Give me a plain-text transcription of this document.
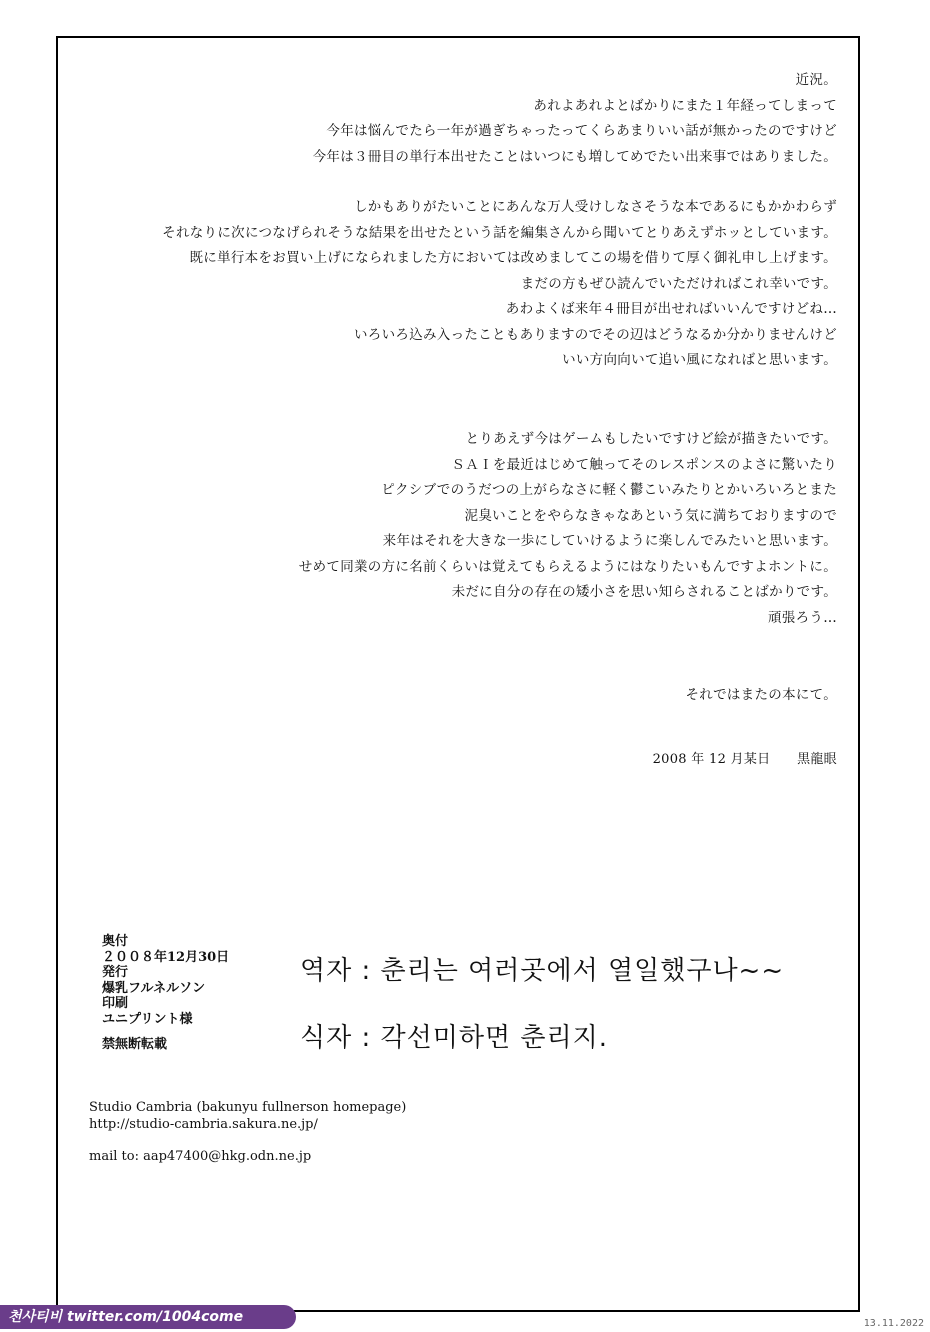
近況。
あれよあれよとばかりにまた１年経ってしまって
今年は悩んでたら一年が過ぎちゃったってくらあまりいい話が無かったのですけど
今年は３冊目の単行本出せたことはいつにも増してめでたい出来事ではありました。
しかもありがたいことにあんな万人受けしなさそうな本であるにもかかわらず
それなりに次につなげられそうな結果を出せたという話を編集さんから聞いてとりあえずホッとしています。
既に単行本をお買い上げになられました方においては改めましてこの場を借りて厚く御礼申し上げます。
まだの方もぜひ読んでいただければこれ幸いです。
あわよくば来年４冊目が出せればいいんですけどね…
いろいろ込み入ったこともありますのでその辺はどうなるか分かりませんけど
いい方向向いて追い風になればと思います。
とりあえず今はゲームもしたいですけど絵が描きたいです。
ＳＡＩを最近はじめて触ってそのレスポンスのよさに驚いたり
ピクシブでのうだつの上がらなさに軽く鬱こいみたりとかいろいろとまた
泥臭いことをやらなきゃなあという気に満ちておりますので
来年はそれを大きな一歩にしていけるように楽しんでみたいと思います。
せめて同業の方に名前くらいは覚えてもらえるようにはなりたいもんですよホントに。
未だに自分の存在の矮小さを思い知らされることばかりです。
頑張ろう…
それではまたの本にて。
2008 年 12 月某日　　黒龍眼
奥付
２００８年12月30日
発行
爆乳フルネルソン
印刷
ユニプリント様
禁無断転載
역자 : 춘리는 여러곳에서 열일했구나~~
식자 : 각선미하면 춘리지.
Studio Cambria (bakunyu fullnerson homepage)
http://studio-cambria.sakura.ne.jp/
mail to: aap47400@hkg.odn.ne.jp
천사티비 twitter.com/1004come	13.11.2022
